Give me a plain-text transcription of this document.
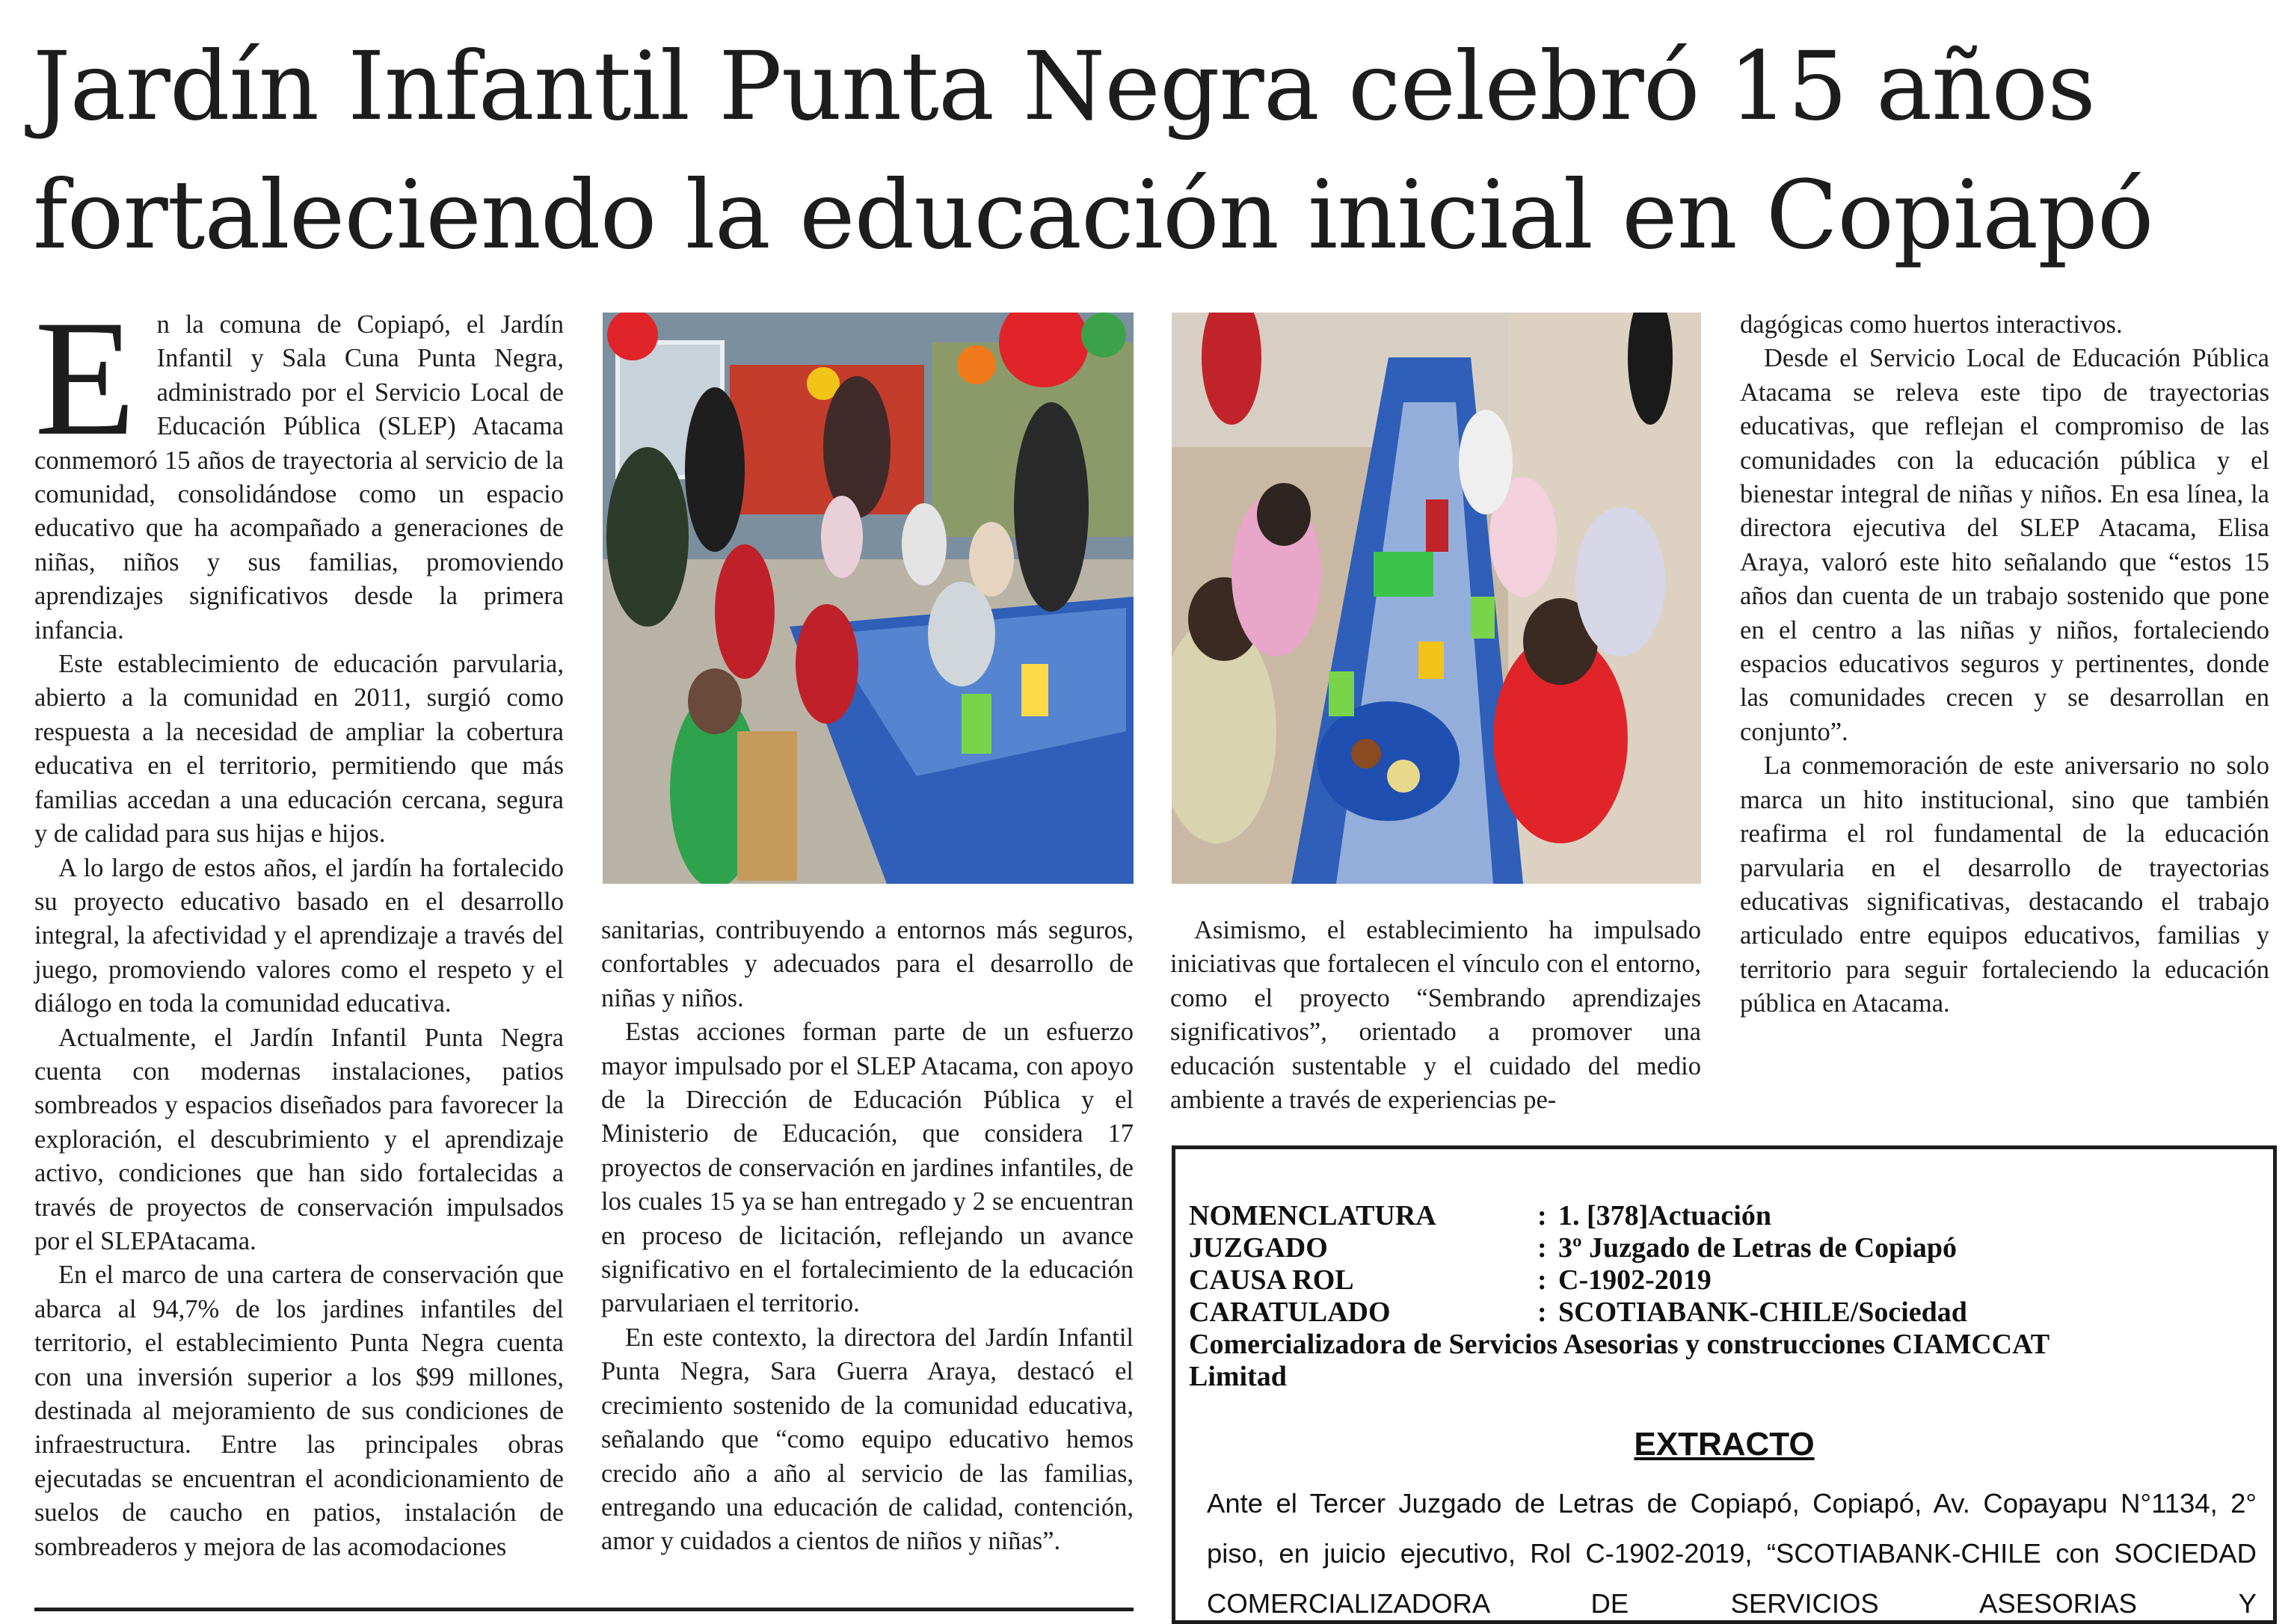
Jardín Infantil Punta Negra celebró 15 años fortaleciendo la educación inicial en Copiapó
E n la comuna de Copiapó, el Jardín Infantil y Sala Cuna Punta Negra, administrado por el Servicio Local de Educación Pública (SLEP) Atacama conmemoró 15 años de trayectoria al servicio de la comunidad, consolidándose como un espacio educativo que ha acompañado a generaciones de niñas, niños y sus familias, promoviendo aprendizajes significativos desde la primera infancia.

Este establecimiento de educación parvularia, abierto a la comunidad en 2011, surgió como respuesta a la necesidad de ampliar la cobertura educativa en el territorio, permitiendo que más familias accedan a una educación cercana, segura y de calidad para sus hijas e hijos.

A lo largo de estos años, el jardín ha fortalecido su proyecto educativo basado en el desarrollo integral, la afectividad y el aprendizaje a través del juego, promoviendo valores como el respeto y el diálogo en toda la comunidad educativa.

Actualmente, el Jardín Infantil Punta Negra cuenta con modernas instalaciones, patios sombreados y espacios diseñados para favorecer la exploración, el descubrimiento y el aprendizaje activo, condiciones que han sido fortalecidas a través de proyectos de conservación impulsados por el SLEPAtacama.

En el marco de una cartera de conservación que abarca al 94,7% de los jardines infantiles del territorio, el establecimiento Punta Negra cuenta con una inversión superior a los $99 millones, destinada al mejoramiento de sus condiciones de infraestructura. Entre las principales obras ejecutadas se encuentran el acondicionamiento de suelos de caucho en patios, instalación de sombreaderos y mejora de las acomodaciones

sanitarias, contribuyendo a entornos más seguros, confortables y adecuados para el desarrollo de niñas y niños.

Estas acciones forman parte de un esfuerzo mayor impulsado por el SLEP Atacama, con apoyo de la Dirección de Educación Pública y el Ministerio de Educación, que considera 17 proyectos de conservación en jardines infantiles, de los cuales 15 ya se han entregado y 2 se encuentran en proceso de licitación, reflejando un avance significativo en el fortalecimiento de la educación parvulariaen el territorio.

En este contexto, la directora del Jardín Infantil Punta Negra, Sara Guerra Araya, destacó el crecimiento sostenido de la comunidad educativa, señalando que “como equipo educativo hemos crecido año a año al servicio de las familias, entregando una educación de calidad, contención, amor y cuidados a cientos de niños y niñas”.

Asimismo, el establecimiento ha impulsado iniciativas que fortalecen el vínculo con el entorno, como el proyecto “Sembrando aprendizajes significativos”, orientado a promover una educación sustentable y el cuidado del medio ambiente a través de experiencias pe-

dagógicas como huertos interactivos.

Desde el Servicio Local de Educación Pública Atacama se releva este tipo de trayectorias educativas, que reflejan el compromiso de las comunidades con la educación pública y el bienestar integral de niñas y niños. En esa línea, la directora ejecutiva del SLEP Atacama, Elisa Araya, valoró este hito señalando que “estos 15 años dan cuenta de un trabajo sostenido que pone en el centro a las niñas y niños, fortaleciendo espacios educativos seguros y pertinentes, donde las comunidades crecen y se desarrollan en conjunto”.

La conmemoración de este aniversario no solo marca un hito institucional, sino que también reafirma el rol fundamental de la educación parvularia en el desarrollo de trayectorias educativas significativas, destacando el trabajo articulado entre equipos educativos, familias y territorio para seguir fortaleciendo la educación pública en Atacama.

NOMENCLATURA	: 1. [378]Actuación
JUZGADO	: 3º Juzgado de Letras de Copiapó
CAUSA ROL	: C-1902-2019
CARATULADO	: SCOTIABANK-CHILE/Sociedad
Comercializadora de Servicios Asesorias y construcciones CIAMCCAT Limitad
EXTRACTO
Ante el Tercer Juzgado de Letras de Copiapó, Copiapó, Av. Copayapu N°1134, 2° piso, en juicio ejecutivo, Rol C-1902-2019, “SCOTIABANK-CHILE con SOCIEDAD COMERCIALIZADORA DE SERVICIOS ASESORIAS Y
